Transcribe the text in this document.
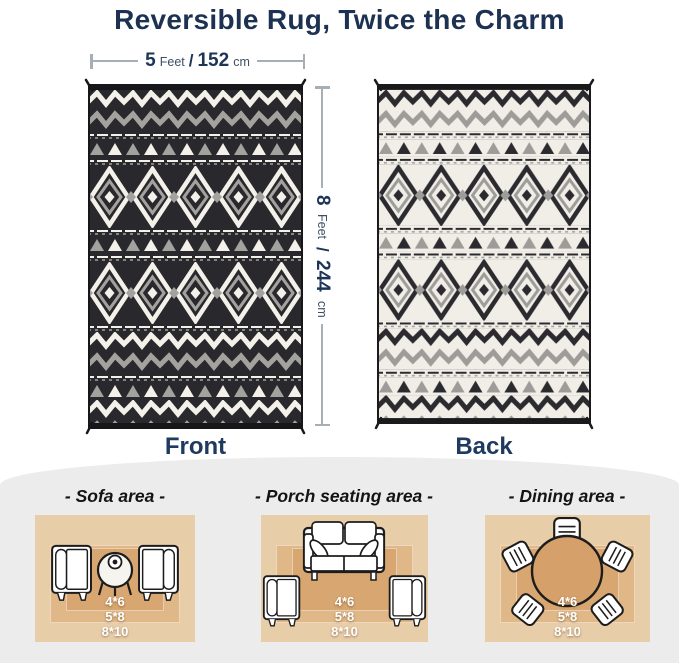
Reversible Rug, Twice the Charm
5 Feet / 152 cm
8 Feet / 244 cm
Front	Back
- Sofa area -	- Porch seating area -	- Dining area -
4*6
5*8
8*10
4*6
5*8
8*10
4*6
5*8
8*10
